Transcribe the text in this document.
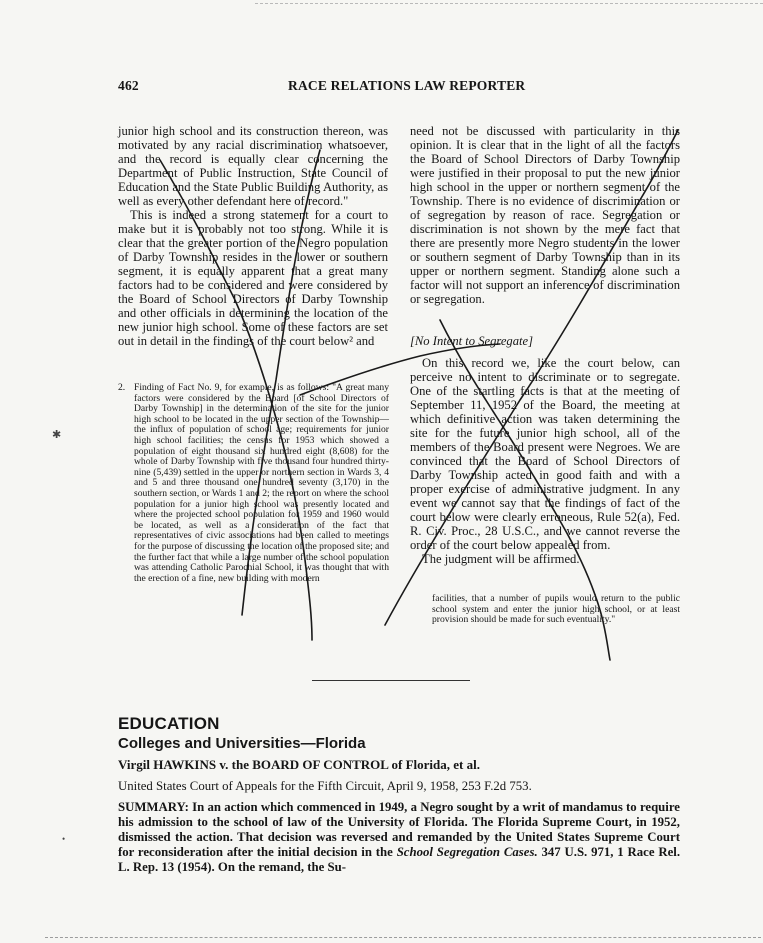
462	RACE RELATIONS LAW REPORTER

junior high school and its construction thereon, was motivated by any racial discrimination whatsoever, and the record is equally clear concerning the Department of Public Instruction, State Council of Education and the State Public Building Authority, as well as every other defendant here of record."

This is indeed a strong statement for a court to make but it is probably not too strong. While it is clear that the greater portion of the Negro population of Darby Township resides in the lower or southern segment, it is equally apparent that a great many factors had to be considered and were considered by the Board of School Directors of Darby Township and other officials in determining the location of the new junior high school. Some of these factors are set out in detail in the findings of the court below² and

2. Finding of Fact No. 9, for example, is as follows: "A great many factors were considered by the Board [of School Directors of Darby Township] in the determination of the site for the junior high school to be located in the upper section of the Township—the influx of population of school age; requirements for junior high school facilities; the census for 1953 which showed a population of eight thousand six hundred eight (8,608) for the whole of Darby Township with five thousand four hundred thirty-nine (5,439) settled in the upper or northern section in Wards 3, 4 and 5 and three thousand one hundred seventy (3,170) in the southern section, or Wards 1 and 2; the report on where the school population for a junior high school was presently located and where the projected school population for 1959 and 1960 would be located, as well as a consideration of the fact that representatives of civic associations had been called to meetings for the purpose of discussing the location of the proposed site; and the further fact that while a large number of the school population was attending Catholic Parochial School, it was thought that with the erection of a fine, new building with modern

need not be discussed with particularity in this opinion. It is clear that in the light of all the factors the Board of School Directors of Darby Township were justified in their proposal to put the new junior high school in the upper or northern segment of the Township. There is no evidence of discrimination or of segregation by reason of race. Segregation or discrimination is not shown by the mere fact that there are presently more Negro students in the lower or southern segment of Darby Township than in its upper or northern segment. Standing alone such a factor will not support an inference of discrimination or segregation.

[No Intent to Segregate]

On this record we, like the court below, can perceive no intent to discriminate or to segregate. One of the startling facts is that at the meeting of September 11, 1952 of the Board, the meeting at which definitive action was taken determining the site for the future junior high school, all of the members of the Board present were Negroes. We are convinced that the Board of School Directors of Darby Township acted in good faith and with a proper exercise of administrative judgment. In any event we cannot say that the findings of fact of the court below were clearly erroneous, Rule 52(a), Fed. R. Civ. Proc., 28 U.S.C., and we cannot reverse the order of the court below appealed from.

The judgment will be affirmed.

facilities, that a number of pupils would return to the public school system and enter the junior high school, or at least provision should be made for such eventuality."
EDUCATION
Colleges and Universities—Florida
Virgil HAWKINS v. the BOARD OF CONTROL of Florida, et al.
United States Court of Appeals for the Fifth Circuit, April 9, 1958, 253 F.2d 753.
SUMMARY: In an action which commenced in 1949, a Negro sought by a writ of mandamus to require his admission to the school of law of the University of Florida. The Florida Supreme Court, in 1952, dismissed the action. That decision was reversed and remanded by the United States Supreme Court for reconsideration after the initial decision in the School Segregation Cases. 347 U.S. 971, 1 Race Rel. L. Rep. 13 (1954). On the remand, the Su-
✱
•
